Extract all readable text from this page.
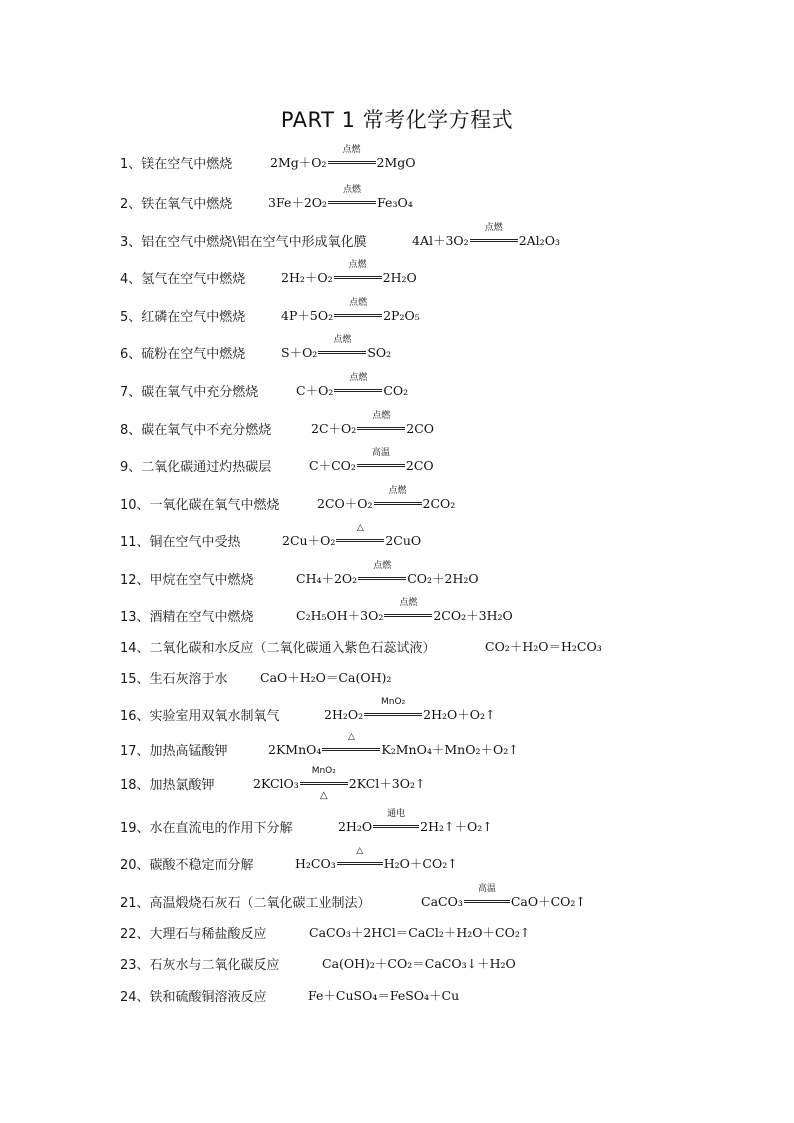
PART 1 常考化学方程式
1、镁在空气中燃烧	2Mg＋O₂
点燃
2MgO
2、铁在氧气中燃烧	3Fe＋2O₂
点燃
Fe₃O₄
3、铝在空气中燃烧\铝在空气中形成氧化膜	4Al＋3O₂
点燃
2Al₂O₃
4、氢气在空气中燃烧	2H₂＋O₂
点燃
2H₂O
5、红磷在空气中燃烧	4P＋5O₂
点燃
2P₂O₅
6、硫粉在空气中燃烧	S＋O₂
点燃
SO₂
7、碳在氧气中充分燃烧	C＋O₂
点燃
CO₂
8、碳在氧气中不充分燃烧	2C＋O₂
点燃
2CO
9、二氧化碳通过灼热碳层	C＋CO₂
高温
2CO
10、一氧化碳在氧气中燃烧	2CO＋O₂
点燃
2CO₂
11、铜在空气中受热	2Cu＋O₂
△
2CuO
12、甲烷在空气中燃烧	CH₄＋2O₂
点燃
CO₂＋2H₂O
13、酒精在空气中燃烧	C₂H₅OH＋3O₂
点燃
2CO₂＋3H₂O
14、二氧化碳和水反应（二氧化碳通入紫色石蕊试液）	CO₂＋H₂O＝H₂CO₃
15、生石灰溶于水	CaO＋H₂O＝Ca(OH)₂
16、实验室用双氧水制氧气	2H₂O₂
MnO₂
2H₂O＋O₂↑
17、加热高锰酸钾	2KMnO₄
△
K₂MnO₄＋MnO₂＋O₂↑
18、加热氯酸钾	2KClO₃
MnO₂
△
2KCl＋3O₂↑
19、水在直流电的作用下分解	2H₂O
通电
2H₂↑＋O₂↑
20、碳酸不稳定而分解	H₂CO₃
△
H₂O＋CO₂↑
21、高温煅烧石灰石（二氧化碳工业制法）	CaCO₃
高温
CaO＋CO₂↑
22、大理石与稀盐酸反应	CaCO₃＋2HCl＝CaCl₂＋H₂O＋CO₂↑
23、石灰水与二氧化碳反应	Ca(OH)₂＋CO₂＝CaCO₃↓＋H₂O
24、铁和硫酸铜溶液反应	Fe＋CuSO₄＝FeSO₄＋Cu
